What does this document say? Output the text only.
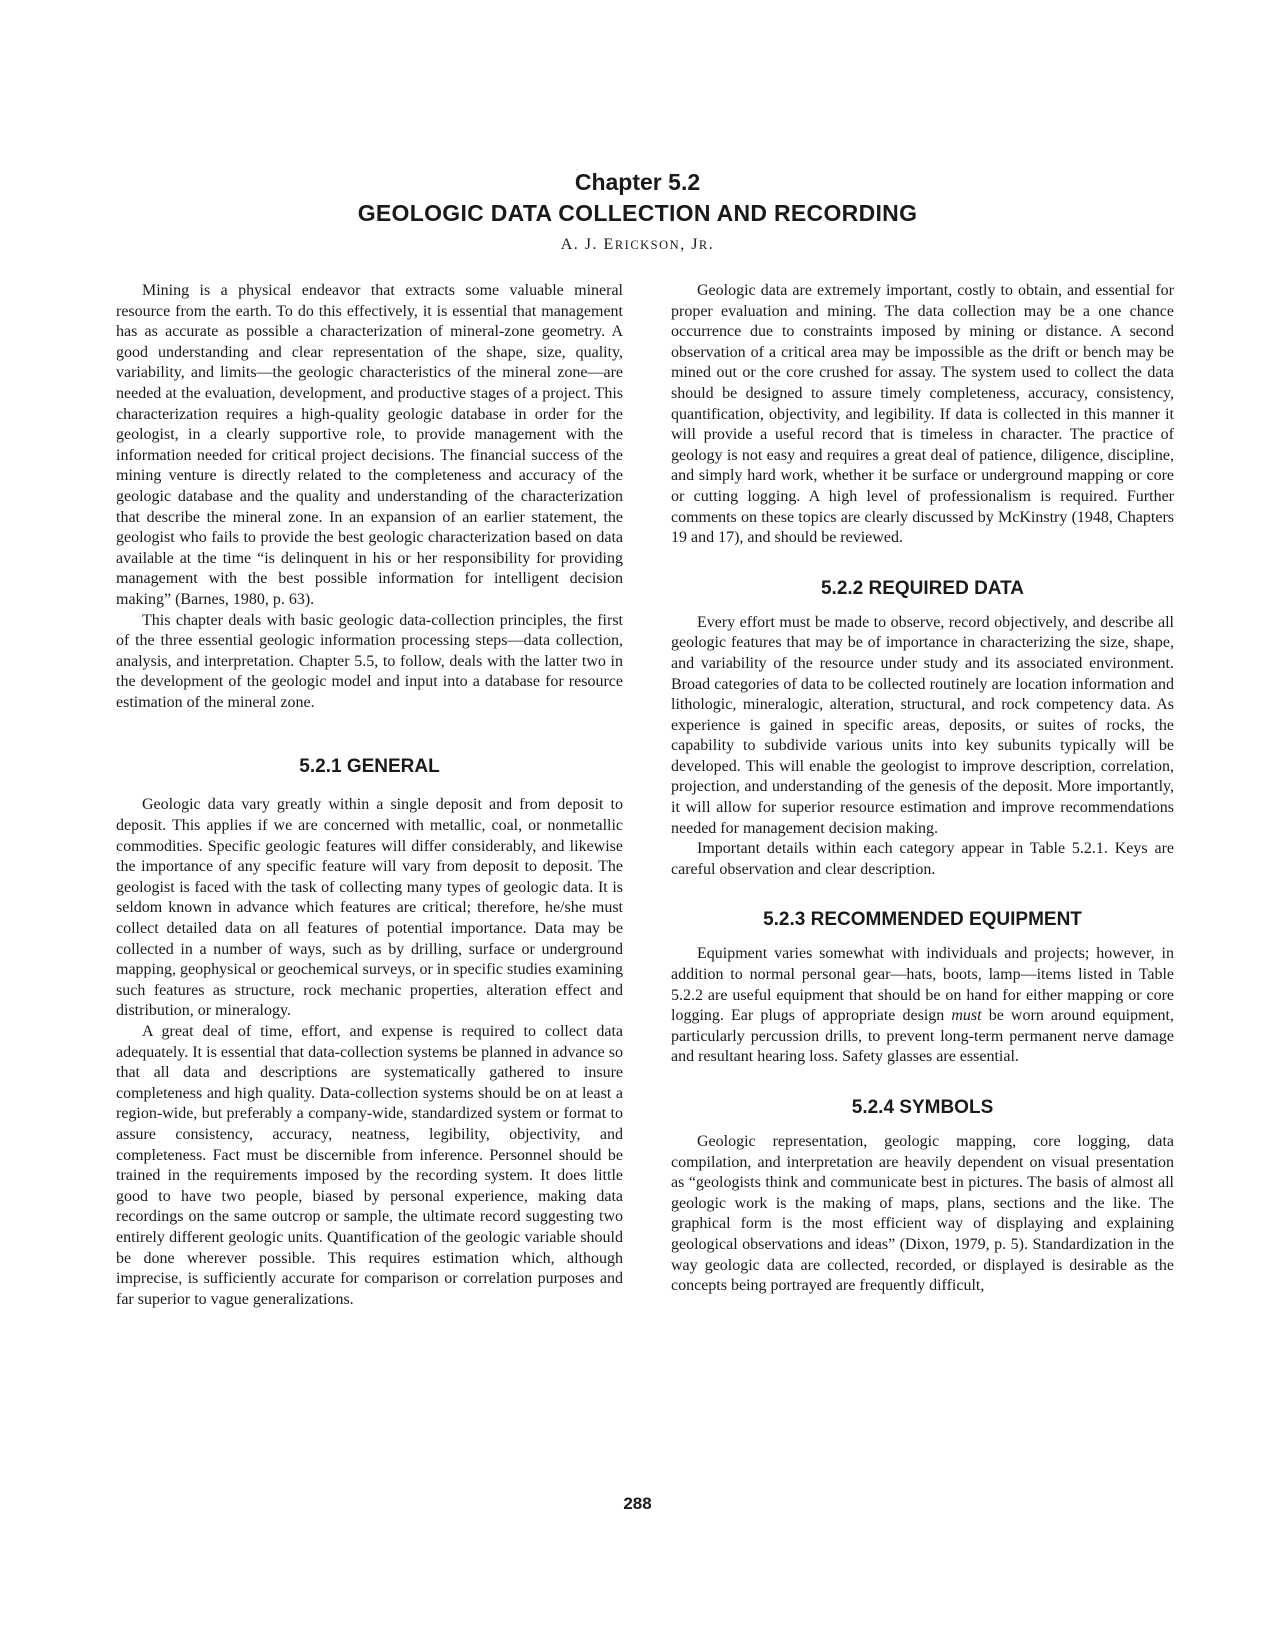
Chapter 5.2
GEOLOGIC DATA COLLECTION AND RECORDING
A. J. ERICKSON, JR.

Mining is a physical endeavor that extracts some valuable mineral resource from the earth. To do this effectively, it is essential that management has as accurate as possible a characterization of mineral-zone geometry. A good understanding and clear representation of the shape, size, quality, variability, and limits—the geologic characteristics of the mineral zone—are needed at the evaluation, development, and productive stages of a project. This characterization requires a high-quality geologic database in order for the geologist, in a clearly supportive role, to provide management with the information needed for critical project decisions. The financial success of the mining venture is directly related to the completeness and accuracy of the geologic database and the quality and understanding of the characterization that describe the mineral zone. In an expansion of an earlier statement, the geologist who fails to provide the best geologic characterization based on data available at the time “is delinquent in his or her responsibility for providing management with the best possible information for intelligent decision making” (Barnes, 1980, p. 63).

This chapter deals with basic geologic data-collection principles, the first of the three essential geologic information processing steps—data collection, analysis, and interpretation. Chapter 5.5, to follow, deals with the latter two in the development of the geologic model and input into a database for resource estimation of the mineral zone.

5.2.1 GENERAL

Geologic data vary greatly within a single deposit and from deposit to deposit. This applies if we are concerned with metallic, coal, or nonmetallic commodities. Specific geologic features will differ considerably, and likewise the importance of any specific feature will vary from deposit to deposit. The geologist is faced with the task of collecting many types of geologic data. It is seldom known in advance which features are critical; therefore, he/she must collect detailed data on all features of potential importance. Data may be collected in a number of ways, such as by drilling, surface or underground mapping, geophysical or geochemical surveys, or in specific studies examining such features as structure, rock mechanic properties, alteration effect and distribution, or mineralogy.

A great deal of time, effort, and expense is required to collect data adequately. It is essential that data-collection systems be planned in advance so that all data and descriptions are systematically gathered to insure completeness and high quality. Data-collection systems should be on at least a region-wide, but preferably a company-wide, standardized system or format to assure consistency, accuracy, neatness, legibility, objectivity, and completeness. Fact must be discernible from inference. Personnel should be trained in the requirements imposed by the recording system. It does little good to have two people, biased by personal experience, making data recordings on the same outcrop or sample, the ultimate record suggesting two entirely different geologic units. Quantification of the geologic variable should be done wherever possible. This requires estimation which, although imprecise, is sufficiently accurate for comparison or correlation purposes and far superior to vague generalizations.

Geologic data are extremely important, costly to obtain, and essential for proper evaluation and mining. The data collection may be a one chance occurrence due to constraints imposed by mining or distance. A second observation of a critical area may be impossible as the drift or bench may be mined out or the core crushed for assay. The system used to collect the data should be designed to assure timely completeness, accuracy, consistency, quantification, objectivity, and legibility. If data is collected in this manner it will provide a useful record that is timeless in character. The practice of geology is not easy and requires a great deal of patience, diligence, discipline, and simply hard work, whether it be surface or underground mapping or core or cutting logging. A high level of professionalism is required. Further comments on these topics are clearly discussed by McKinstry (1948, Chapters 19 and 17), and should be reviewed.

5.2.2 REQUIRED DATA

Every effort must be made to observe, record objectively, and describe all geologic features that may be of importance in characterizing the size, shape, and variability of the resource under study and its associated environment. Broad categories of data to be collected routinely are location information and lithologic, mineralogic, alteration, structural, and rock competency data. As experience is gained in specific areas, deposits, or suites of rocks, the capability to subdivide various units into key subunits typically will be developed. This will enable the geologist to improve description, correlation, projection, and understanding of the genesis of the deposit. More importantly, it will allow for superior resource estimation and improve recommendations needed for management decision making.

Important details within each category appear in Table 5.2.1. Keys are careful observation and clear description.

5.2.3 RECOMMENDED EQUIPMENT

Equipment varies somewhat with individuals and projects; however, in addition to normal personal gear—hats, boots, lamp—items listed in Table 5.2.2 are useful equipment that should be on hand for either mapping or core logging. Ear plugs of appropriate design must be worn around equipment, particularly percussion drills, to prevent long-term permanent nerve damage and resultant hearing loss. Safety glasses are essential.

5.2.4 SYMBOLS

Geologic representation, geologic mapping, core logging, data compilation, and interpretation are heavily dependent on visual presentation as “geologists think and communicate best in pictures. The basis of almost all geologic work is the making of maps, plans, sections and the like. The graphical form is the most efficient way of displaying and explaining geological observations and ideas” (Dixon, 1979, p. 5). Standardization in the way geologic data are collected, recorded, or displayed is desirable as the concepts being portrayed are frequently difficult,

288
